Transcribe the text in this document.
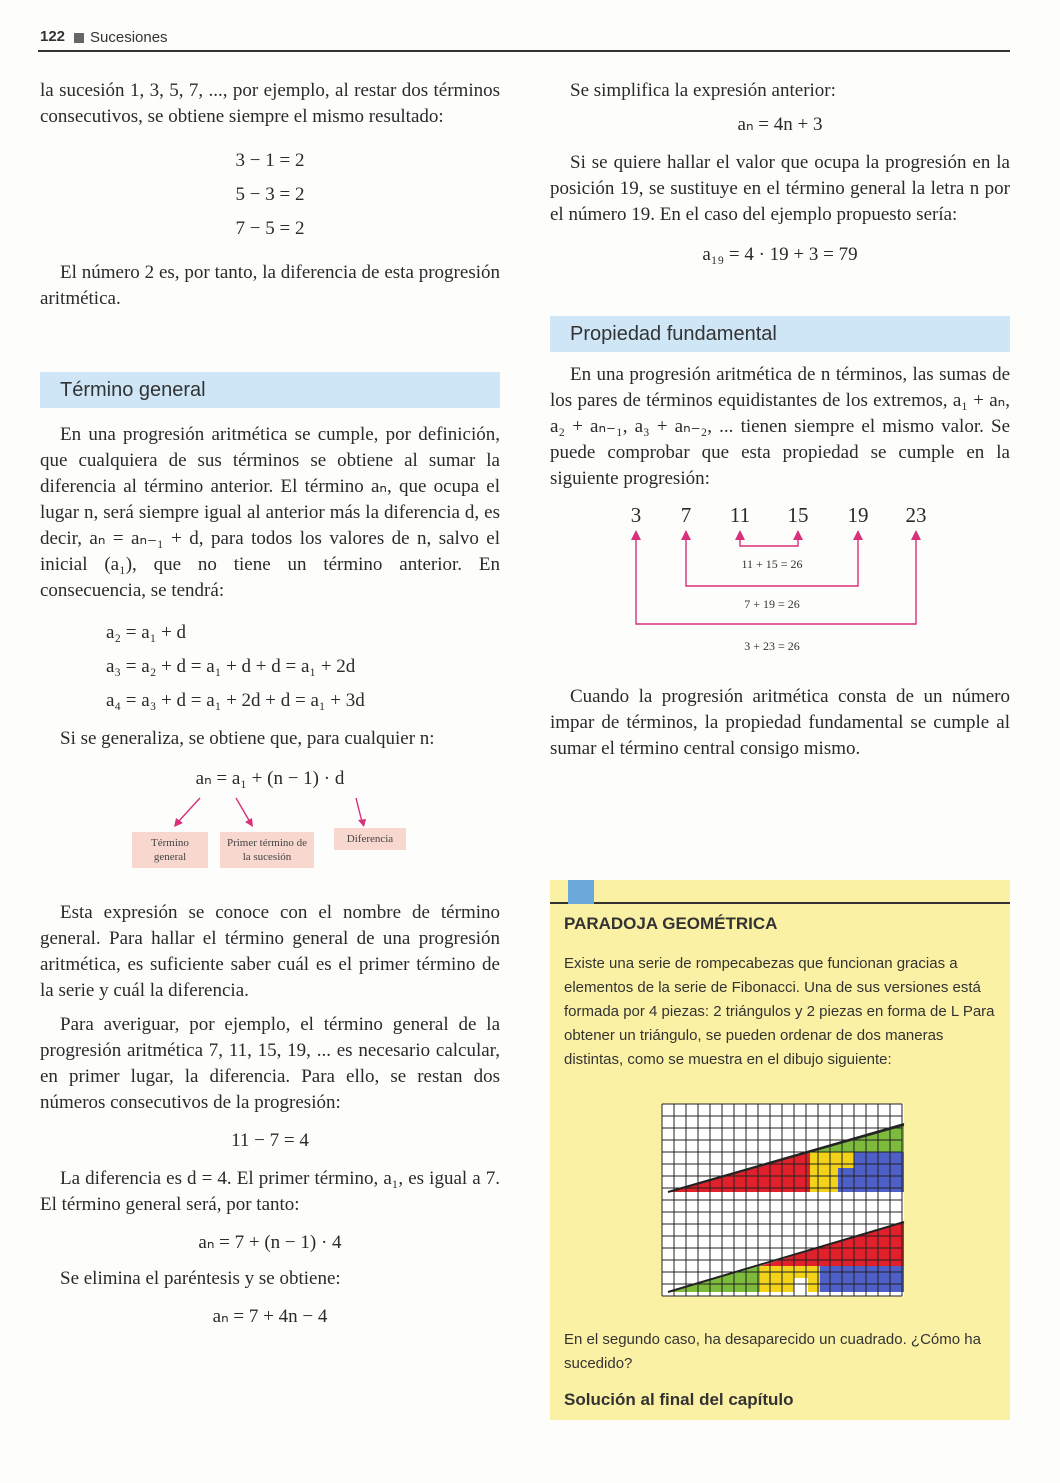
122 Sucesiones

la sucesión 1, 3, 5, 7, ..., por ejemplo, al restar dos términos consecutivos, se obtiene siempre el mismo resultado:

3 − 1 = 2
5 − 3 = 2
7 − 5 = 2

El número 2 es, por tanto, la diferencia de esta progresión aritmética.

Término general

En una progresión aritmética se cumple, por definición, que cualquiera de sus términos se obtiene al sumar la diferencia al término anterior. El término aₙ, que ocupa el lugar n, será siempre igual al anterior más la diferencia d, es decir, aₙ = aₙ₋₁ + d, para todos los valores de n, salvo el inicial (a₁), que no tiene un término anterior. En consecuencia, se tendrá:

a₂ = a₁ + d
a₃ = a₂ + d = a₁ + d + d = a₁ + 2d
a₄ = a₃ + d = a₁ + 2d + d = a₁ + 3d

Si se generaliza, se obtiene que, para cualquier n:

aₙ = a₁ + (n − 1) · d
Término general
Primer término de la sucesión
Diferencia

Esta expresión se conoce con el nombre de término general. Para hallar el término general de una progresión aritmética, es suficiente saber cuál es el primer término de la serie y cuál la diferencia.

Para averiguar, por ejemplo, el término general de la progresión aritmética 7, 11, 15, 19, ... es necesario calcular, en primer lugar, la diferencia. Para ello, se restan dos números consecutivos de la progresión:

11 − 7 = 4

La diferencia es d = 4. El primer término, a₁, es igual a 7. El término general será, por tanto:

aₙ = 7 + (n − 1) · 4

Se elimina el paréntesis y se obtiene:

aₙ = 7 + 4n − 4

Se simplifica la expresión anterior:

aₙ = 4n + 3

Si se quiere hallar el valor que ocupa la progresión en la posición 19, se sustituye en el término general la letra n por el número 19. En el caso del ejemplo propuesto sería:

a₁₉ = 4 · 19 + 3 = 79
Propiedad fundamental

En una progresión aritmética de n términos, las sumas de los pares de términos equidistantes de los extremos, a₁ + aₙ, a₂ + aₙ₋₁, a₃ + aₙ₋₂, ... tienen siempre el mismo valor. Se puede comprobar que esta propiedad se cumple en la siguiente progresión:

3 7 11 15 19 23
11 + 15 = 26
7 + 19 = 26
3 + 23 = 26

Cuando la progresión aritmética consta de un número impar de términos, la propiedad fundamental se cumple al sumar el término central consigo mismo.

PARADOJA GEOMÉTRICA
Existe una serie de rompecabezas que funcionan gracias a elementos de la serie de Fibonacci. Una de sus versiones está formada por 4 piezas: 2 triángulos y 2 piezas en forma de L Para obtener un triángulo, se pueden ordenar de dos maneras distintas, como se muestra en el dibujo siguiente:
En el segundo caso, ha desaparecido un cuadrado. ¿Cómo ha sucedido?
Solución al final del capítulo
